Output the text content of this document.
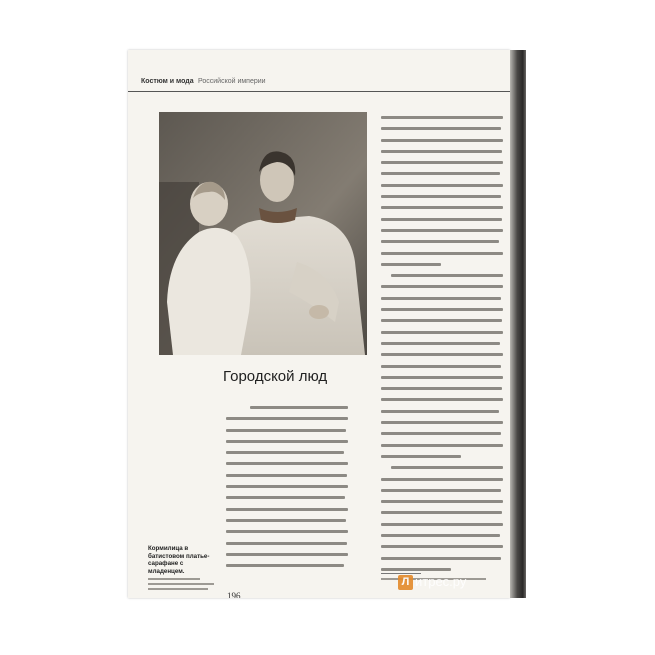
Костюм и мода Российской империи
Городской люд
Кормилица в батистовом платье-сарафане с младенцем.
196
Л итрес.ру
